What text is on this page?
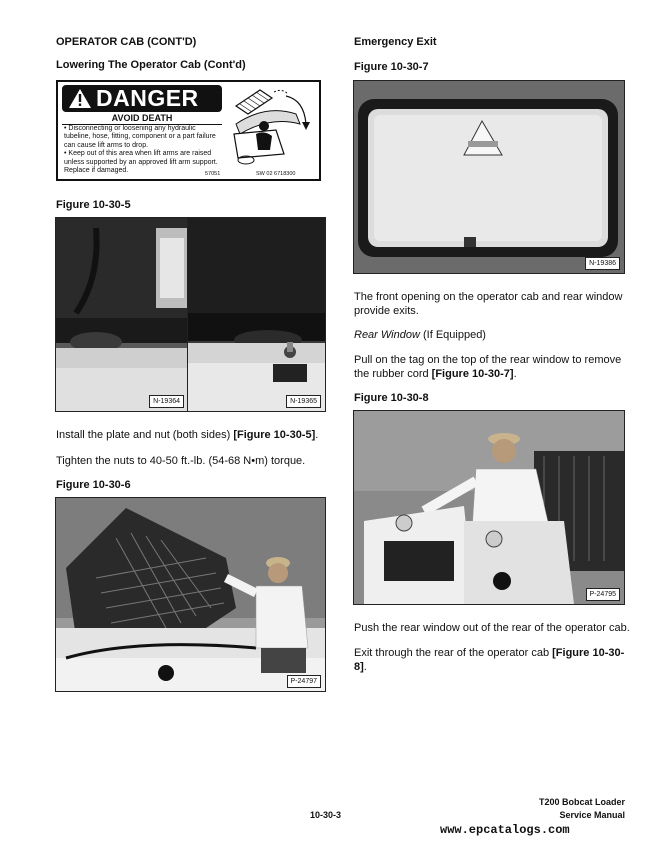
OPERATOR CAB (CONT'D)
Lowering The Operator Cab (Cont'd)
DANGER
AVOID DEATH
• Disconnecting or loosening any hydraulic tubeline, hose, fitting, component or a part failure can cause lift arms to drop.
• Keep out of this area when lift arms are raised unless supported by an approved lift arm support. Replace if damaged.	57051	SW 02 6718300
Figure 10-30-5
N-19364	N-19365
Install the plate and nut (both sides) [Figure 10-30-5].
Tighten the nuts to 40-50 ft.-lb. (54-68 N•m) torque.
Figure 10-30-6
P-24797
Emergency Exit
Figure 10-30-7
N-19386
The front opening on the operator cab and rear window
provide exits.
Rear Window (If Equipped)
Pull on the tag on the top of the rear window to remove
the rubber cord [Figure 10-30-7].
Figure 10-30-8
P-24795
Push the rear window out of the rear of the operator cab.
Exit through the rear of the operator cab [Figure 10-30-
8].
10-30-3
T200 Bobcat Loader
Service Manual
www.epcatalogs.com
